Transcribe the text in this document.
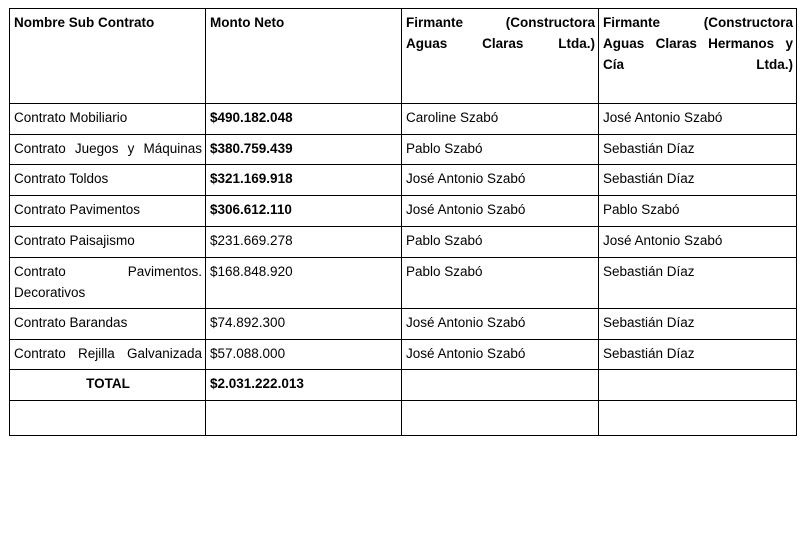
Nombre Sub Contrato	Monto Neto	Firmante (Constructora Aguas Claras Ltda.)	Firmante (Constructora Aguas Claras Hermanos y Cía Ltda.)
Contrato Mobiliario	$490.182.048	Caroline Szabó	José Antonio Szabó
Contrato Juegos y Máquinas	$380.759.439	Pablo Szabó	Sebastián Díaz
Contrato Toldos	$321.169.918	José Antonio Szabó	Sebastián Díaz
Contrato Pavimentos	$306.612.110	José Antonio Szabó	Pablo Szabó
Contrato Paisajismo	$231.669.278	Pablo Szabó	José Antonio Szabó
Contrato Pavimentos. Decorativos	$168.848.920	Pablo Szabó	Sebastián Díaz
Contrato Barandas	$74.892.300	José Antonio Szabó	Sebastián Díaz
Contrato Rejilla Galvanizada	$57.088.000	José Antonio Szabó	Sebastián Díaz
TOTAL	$2.031.222.013		
